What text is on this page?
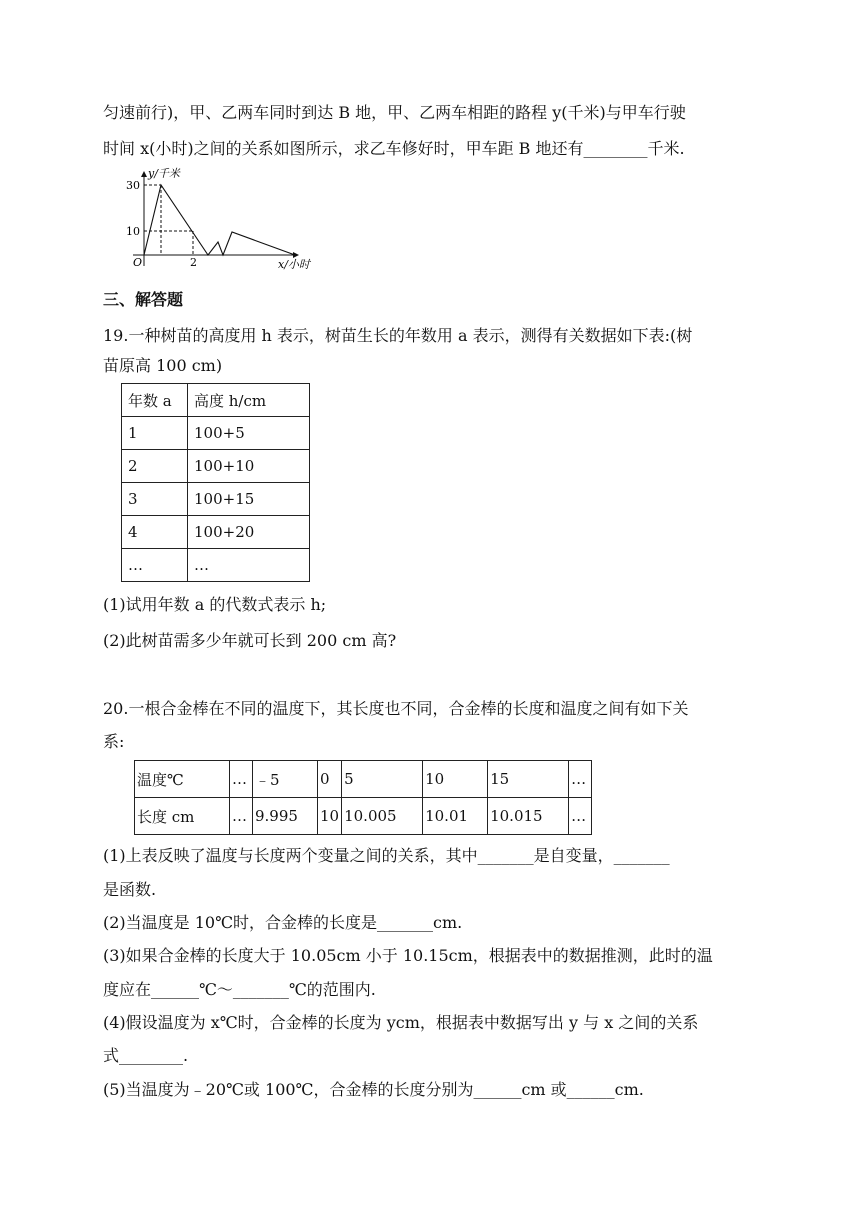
匀速前行)，甲、乙两车同时到达 B 地，甲、乙两车相距的路程 y(千米)与甲车行驶
时间 x(小时)之间的关系如图所示，求乙车修好时，甲车距 B 地还有________千米.
y/千米
x/小时
O
30
10
2
三、解答题
19.一种树苗的高度用 h 表示，树苗生长的年数用 a 表示，测得有关数据如下表:(树
苗原高 100 cm)
年数 a	高度 h/cm
1	100+5
2	100+10
3	100+15
4	100+20
…	…
(1)试用年数 a 的代数式表示 h;
(2)此树苗需多少年就可长到 200 cm 高?
20.一根合金棒在不同的温度下，其长度也不同，合金棒的长度和温度之间有如下关
系:
温度℃	…	﹣5	0	5	10	15	…
长度 cm	…	9.995	10	10.005	10.01	10.015	…
(1)上表反映了温度与长度两个变量之间的关系，其中_______是自变量，_______
是函数.
(2)当温度是 10℃时，合金棒的长度是_______cm.
(3)如果合金棒的长度大于 10.05cm 小于 10.15cm，根据表中的数据推测，此时的温
度应在______℃～_______℃的范围内.
(4)假设温度为 x℃时，合金棒的长度为 ycm，根据表中数据写出 y 与 x 之间的关系
式________.
(5)当温度为﹣20℃或 100℃，合金棒的长度分别为______cm 或______cm.
